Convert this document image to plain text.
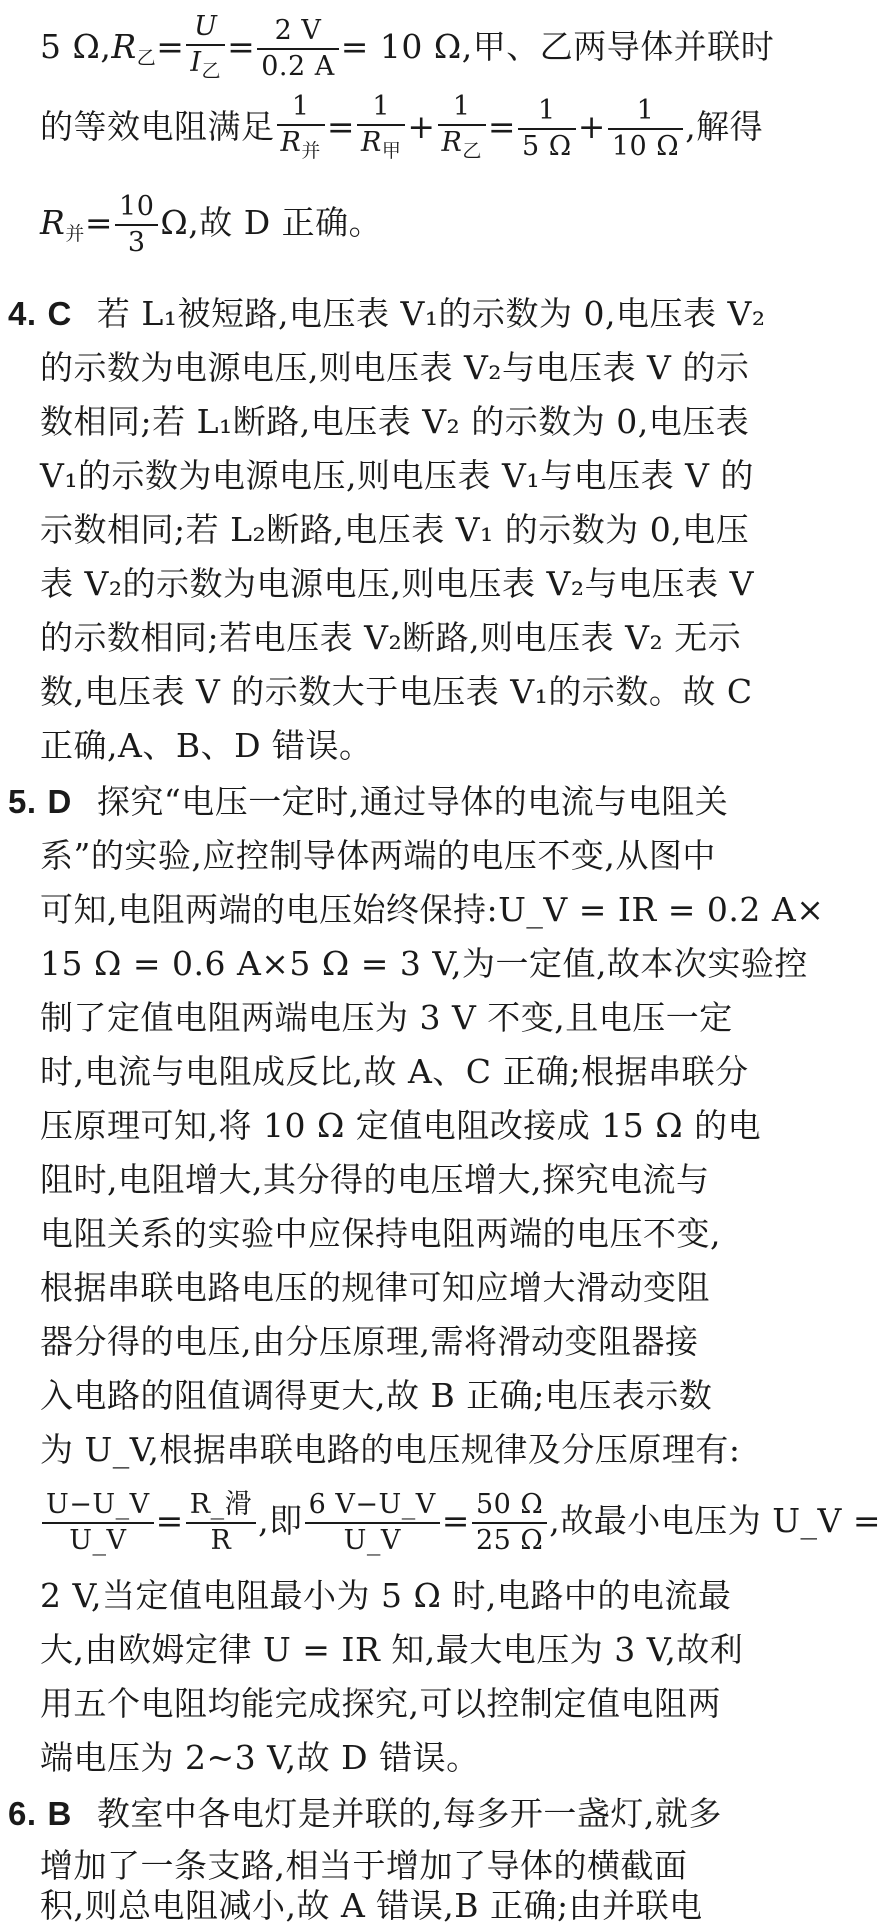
5 $\Omega,R_乙=$
U
$I_乙$
= $\frac{2 V}{0.2 A} = 10$ Ω,甲、乙两导体并联时
的等效电阻满足
1
$R_并$
=
1
$R_甲$
+
1
$R_乙$
= $\frac{1}{5 \Omega} + \frac{1}{10 \Omega}$ ,解得
$R_并= \frac{10}{3} \Omega$,故 D 正确。
4. C 若 L₁被短路,电压表 V₁的示数为 0,电压表 V₂
的示数为电源电压,则电压表 V₂与电压表 V 的示
数相同;若 L₁断路,电压表 V₂ 的示数为 0,电压表
V₁的示数为电源电压,则电压表 V₁与电压表 V 的
示数相同;若 L₂断路,电压表 V₁ 的示数为 0,电压
表 V₂的示数为电源电压,则电压表 V₂与电压表 V
的示数相同;若电压表 V₂断路,则电压表 V₂ 无示
数,电压表 V 的示数大于电压表 V₁的示数。故 C
正确,A、B、D 错误。
5. D 探究“电压一定时,通过导体的电流与电阻关
系”的实验,应控制导体两端的电压不变,从图中
可知,电阻两端的电压始终保持:U_V = IR = 0.2 A×
15 Ω = 0.6 A×5 Ω = 3 V,为一定值,故本次实验控
制了定值电阻两端电压为 3 V 不变,且电压一定
时,电流与电阻成反比,故 A、C 正确;根据串联分
压原理可知,将 10 Ω 定值电阻改接成 15 Ω 的电
阻时,电阻增大,其分得的电压增大,探究电流与
电阻关系的实验中应保持电阻两端的电压不变,
根据串联电路电压的规律可知应增大滑动变阻
器分得的电压,由分压原理,需将滑动变阻器接
入电路的阻值调得更大,故 B 正确;电压表示数
为 U_V,根据串联电路的电压规律及分压原理有:
$\frac{U-U\_V}{U\_V}$ = R_滑
R
,即 $\frac{6 V-U\_V}{U\_V} = \frac{50 \Omega}{25 \Omega}$ ,故最小电压为 U_V =
2 V,当定值电阻最小为 5 Ω 时,电路中的电流最
大,由欧姆定律 U = IR 知,最大电压为 3 V,故利
用五个电阻均能完成探究,可以控制定值电阻两
端电压为 2~3 V,故 D 错误。
6. B 教室中各电灯是并联的,每多开一盏灯,就多
增加了一条支路,相当于增加了导体的横截面
积,则总电阻减小,故 A 错误,B 正确;由并联电
